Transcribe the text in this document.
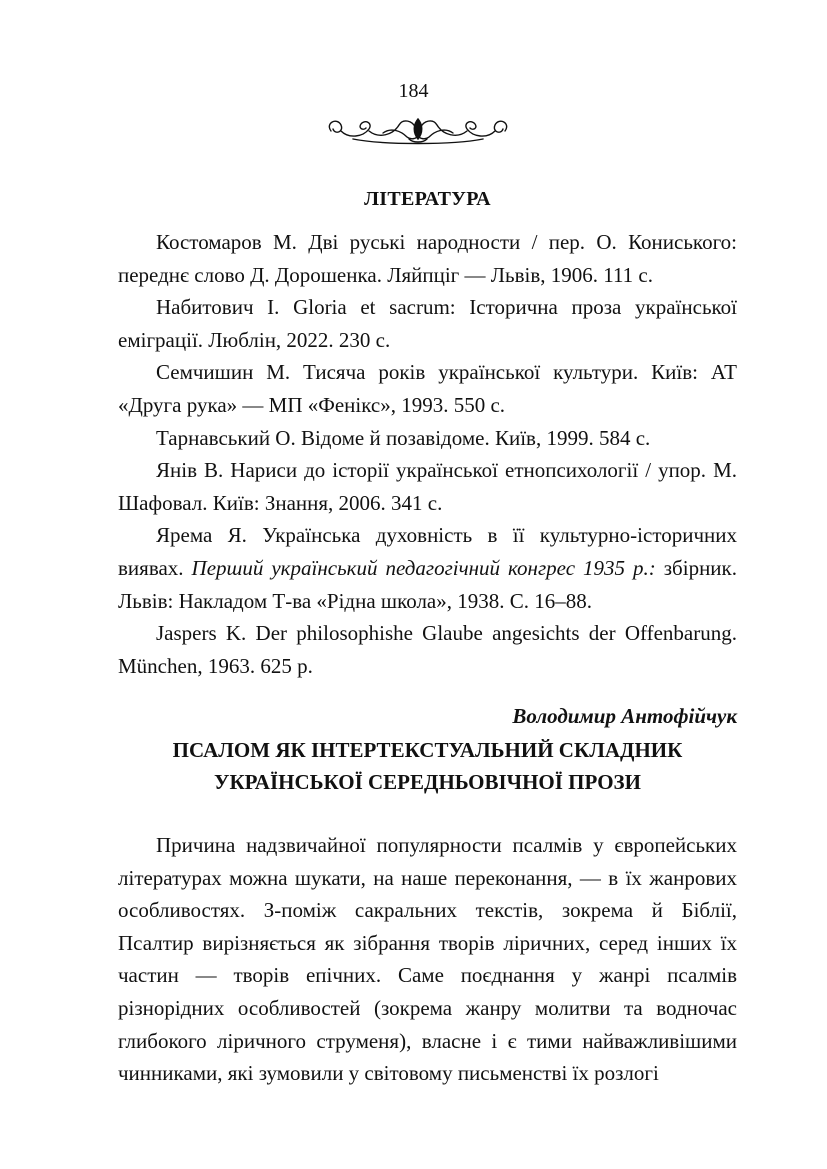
184
ЛІТЕРАТУРА

Костомаров М. Дві руські народности / пер. О. Кониського: переднє слово Д. Дорошенка. Ляйпціг — Львів, 1906. 111 с.

Набитович І. Gloria et sacrum: Історична проза української еміграції. Люблін, 2022. 230 с.

Семчишин М. Тисяча років української культури. Київ: АТ «Друга рука» — МП «Фенікс», 1993. 550 с.

Тарнавський О. Відоме й позавідоме. Київ, 1999. 584 с.

Янів В. Нариси до історії української етнопсихології / упор. М. Шафовал. Київ: Знання, 2006. 341 с.

Ярема Я. Українська духовність в її культурно-історичних виявах. Перший український педагогічний конгрес 1935 р.: збірник. Львів: Накладом Т-ва «Рідна школа», 1938. С. 16–88.

Jaspers K. Der philosophishe Glaube angesichts der Offenbarung. München, 1963. 625 p.

Володимир Антофійчук
ПСАЛОМ ЯК ІНТЕРТЕКСТУАЛЬНИЙ СКЛАДНИК
УКРАЇНСЬКОЇ СЕРЕДНЬОВІЧНОЇ ПРОЗИ

Причина надзвичайної популярности псалмів у європейських літературах можна шукати, на наше переконання, — в їх жанрових особливостях. З-поміж сакральних текстів, зокрема й Біблії, Псалтир вирізняється як зібрання творів ліричних, серед інших їх частин — творів епічних. Саме поєднання у жанрі псалмів різнорідних особливостей (зокрема жанру молитви та водночас глибокого ліричного струменя), власне і є тими найважливішими чинниками, які зумовили у світовому письменстві їх розлогі
